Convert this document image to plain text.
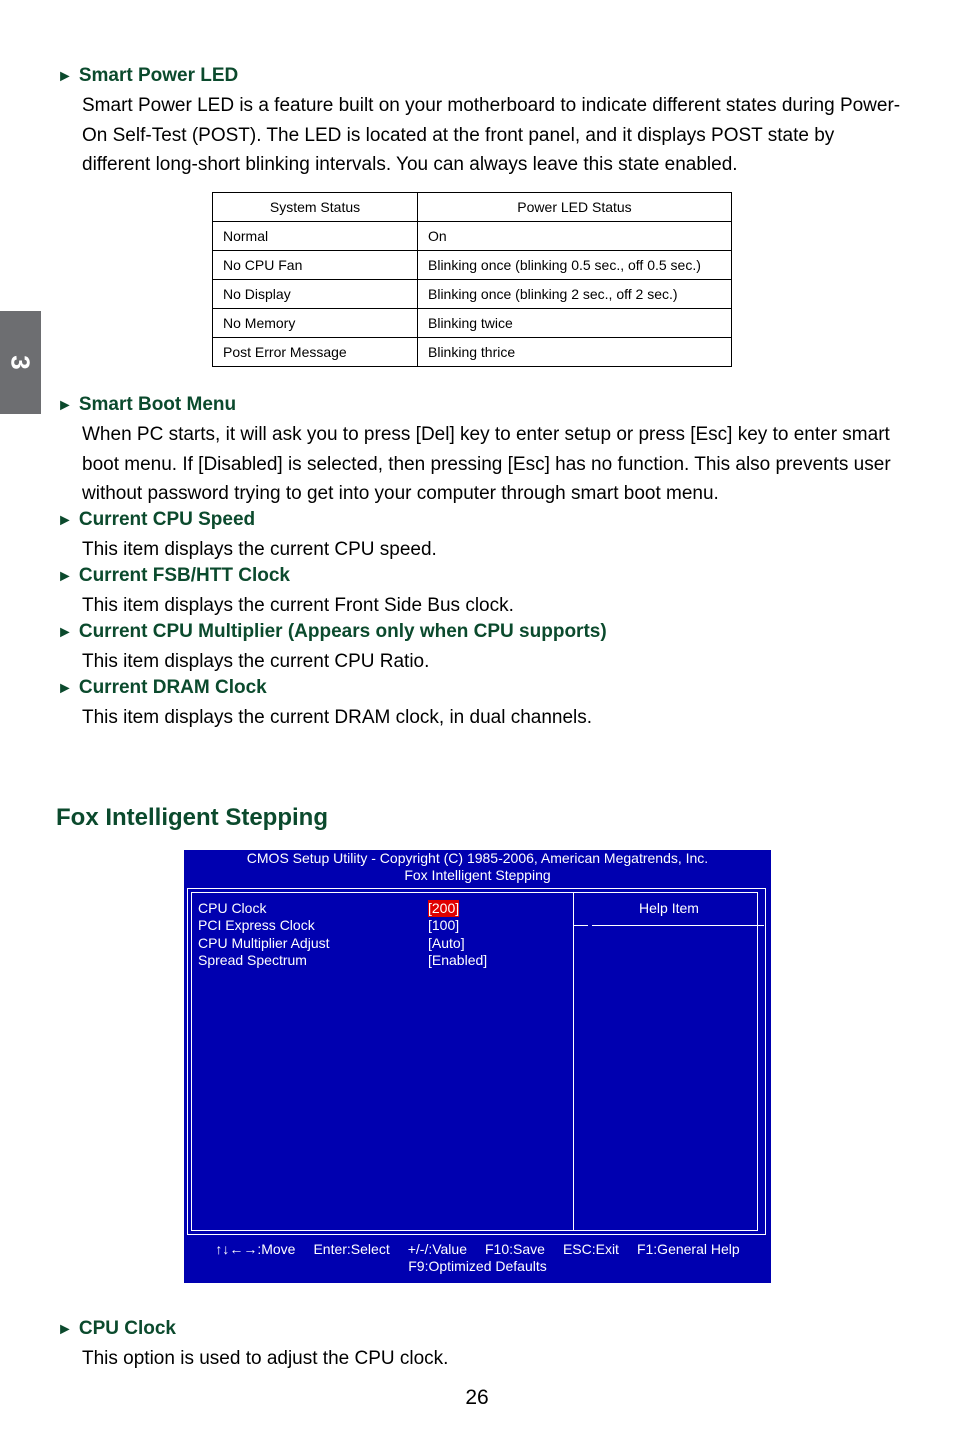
3
► Smart Power LED
Smart Power LED is a feature built on your motherboard to indicate different states during Power-On Self-Test (POST). The LED is located at the front panel, and it displays POST state by different long-short blinking intervals. You can always leave this state enabled.
System Status	Power LED Status
Normal	On
No CPU Fan	Blinking once (blinking 0.5 sec., off 0.5 sec.)
No Display	Blinking once (blinking 2 sec., off 2 sec.)
No Memory	Blinking twice
Post Error Message	Blinking thrice
► Smart Boot Menu
When PC starts, it will ask you to press [Del] key to enter setup or press [Esc] key to enter smart boot menu. If [Disabled] is selected, then pressing [Esc] has no function. This also prevents user without password trying to get into your computer through smart boot menu.
► Current CPU Speed
This item displays the current CPU speed.
► Current FSB/HTT Clock
This item displays the current Front Side Bus clock.
► Current CPU Multiplier (Appears only when CPU supports)
This item displays the current CPU Ratio.
► Current DRAM Clock
This item displays the current DRAM clock, in dual channels.
Fox Intelligent Stepping
CMOS Setup Utility - Copyright (C) 1985-2006, American Megatrends, Inc.
Fox Intelligent Stepping
Help Item
CPU Clock	[200]
PCI Express Clock	[100]
CPU Multiplier Adjust	[Auto]
Spread Spectrum	[Enabled]
↑↓←→:Move Enter:Select +/-/:Value F10:Save ESC:Exit F1:General Help
F9:Optimized Defaults
► CPU Clock
This option is used to adjust the CPU clock.
26
